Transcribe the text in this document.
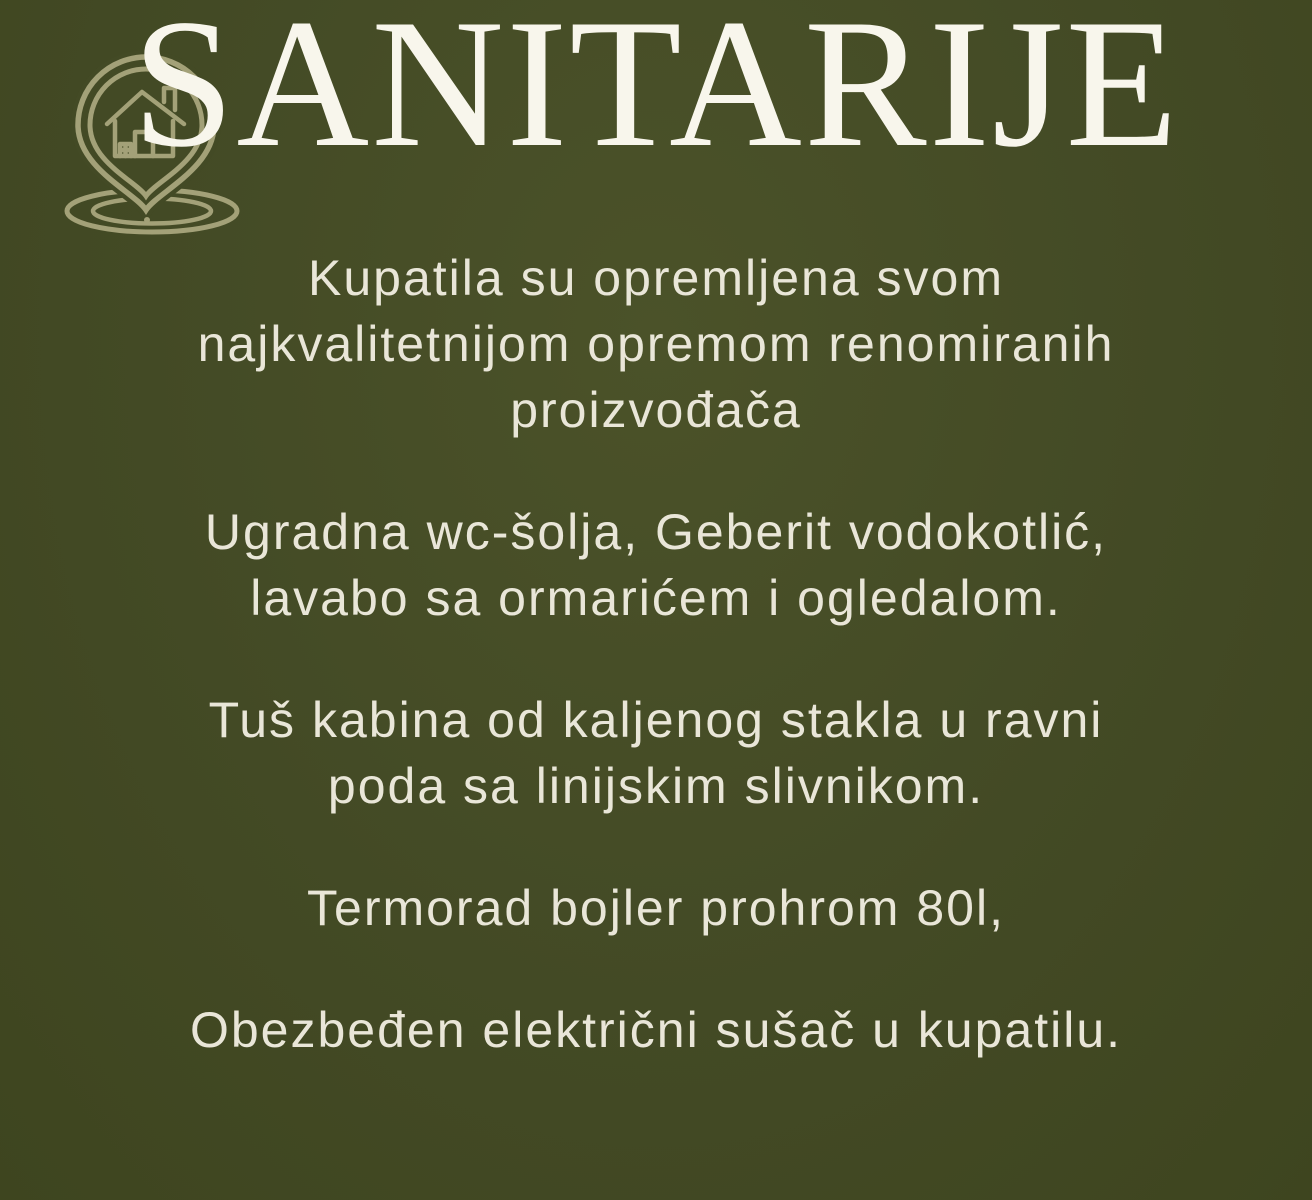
SANITARIJE

Kupatila su opremljena svom
najkvalitetnijom opremom renomiranih
proizvođača

Ugradna wc-šolja, Geberit vodokotlić,
lavabo sa ormarićem i ogledalom.

Tuš kabina od kaljenog stakla u ravni
poda sa linijskim slivnikom.

Termorad bojler prohrom 80l,

Obezbeđen električni sušač u kupatilu.
